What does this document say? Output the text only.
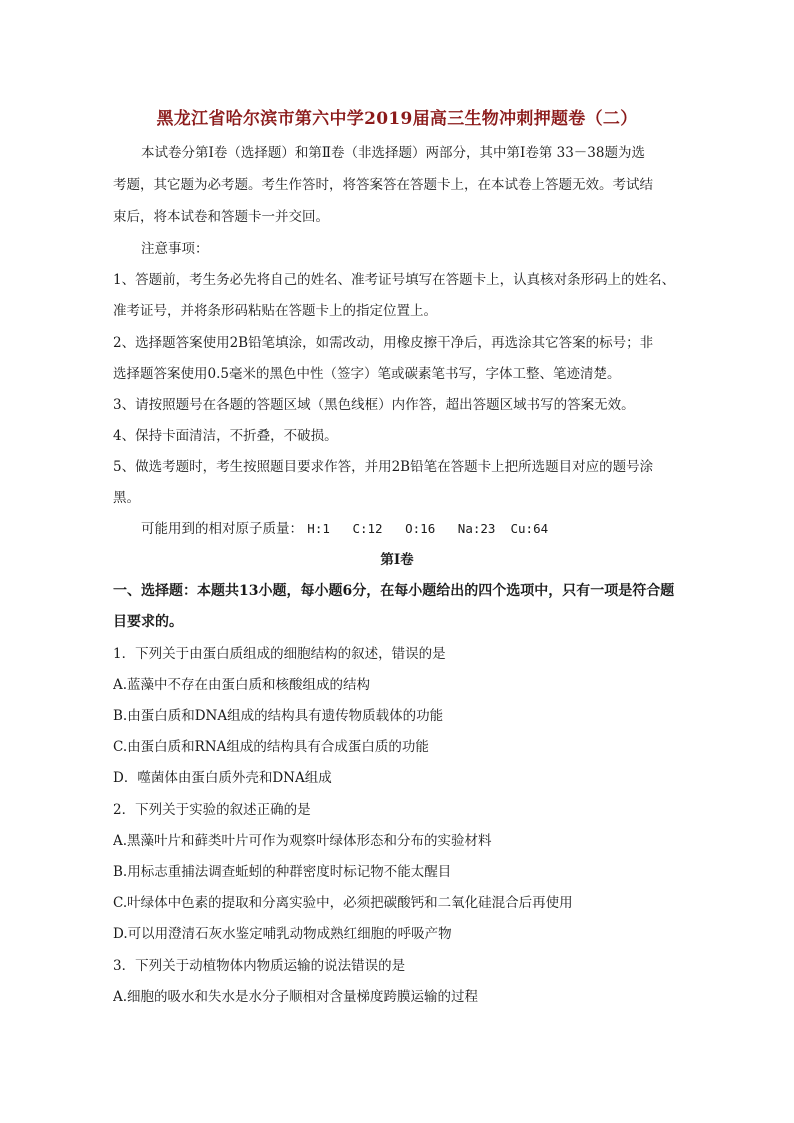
黑龙江省哈尔滨市第六中学2019届高三生物冲刺押题卷（二）
本试卷分第Ⅰ卷（选择题）和第Ⅱ卷（非选择题）两部分，其中第Ⅰ卷第 33－38题为选
考题，其它题为必考题。考生作答时，将答案答在答题卡上，在本试卷上答题无效。考试结
束后，将本试卷和答题卡一并交回。
注意事项：
1、答题前，考生务必先将自己的姓名、准考证号填写在答题卡上，认真核对条形码上的姓名、
准考证号，并将条形码粘贴在答题卡上的指定位置上。
2、选择题答案使用2B铅笔填涂，如需改动，用橡皮擦干净后，再选涂其它答案的标号；非
选择题答案使用0.5毫米的黑色中性（签字）笔或碳素笔书写，字体工整、笔迹清楚。
3、请按照题号在各题的答题区域（黑色线框）内作答，超出答题区域书写的答案无效。
4、保持卡面清洁，不折叠，不破损。
5、做选考题时，考生按照题目要求作答，并用2B铅笔在答题卡上把所选题目对应的题号涂
黑。
可能用到的相对原子质量： H:1   C:12   O:16   Na:23  Cu:64
第Ⅰ卷
一、选择题：本题共13小题，每小题6分，在每小题给出的四个选项中，只有一项是符合题
目要求的。
1．下列关于由蛋白质组成的细胞结构的叙述，错误的是
A.蓝藻中不存在由蛋白质和核酸组成的结构
B.由蛋白质和DNA组成的结构具有遗传物质载体的功能
C.由蛋白质和RNA组成的结构具有合成蛋白质的功能
D．噬菌体由蛋白质外壳和DNA组成
2．下列关于实验的叙述正确的是
A.黑藻叶片和藓类叶片可作为观察叶绿体形态和分布的实验材料
B.用标志重捕法调查蚯蚓的种群密度时标记物不能太醒目
C.叶绿体中色素的提取和分离实验中，必须把碳酸钙和二氧化硅混合后再使用
D.可以用澄清石灰水鉴定哺乳动物成熟红细胞的呼吸产物
3．下列关于动植物体内物质运输的说法错误的是
A.细胞的吸水和失水是水分子顺相对含量梯度跨膜运输的过程
